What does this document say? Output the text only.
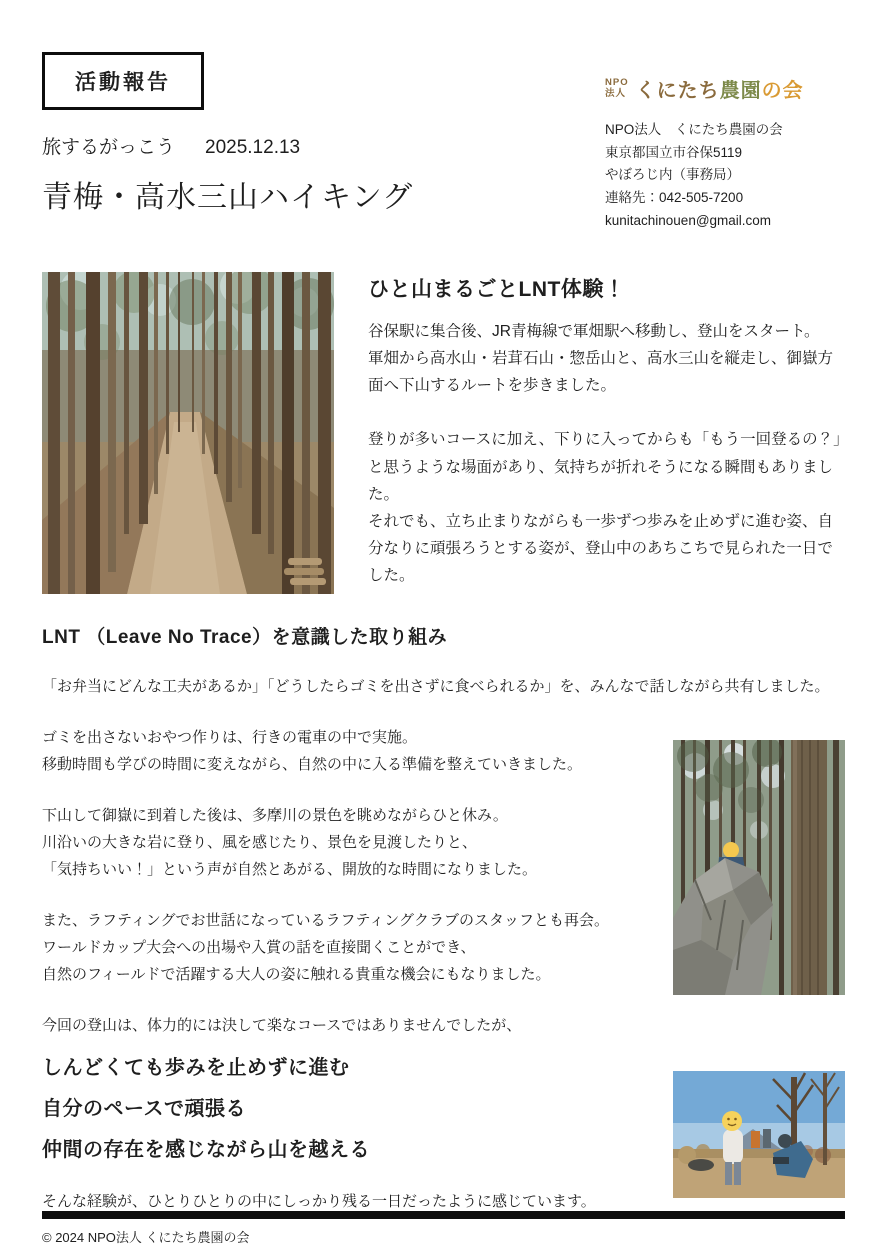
活動報告
旅するがっこう 2025.12.13
青梅・高水三山ハイキング
NPO
法人 くにたち農園の会
NPO法人　くにたち農園の会
東京都国立市谷保5119
やぼろじ内（事務局）
連絡先：042-505-7200
kunitachinouen@gmail.com
ひと山まるごとLNT体験！
谷保駅に集合後、JR青梅線で軍畑駅へ移動し、登山をスタート。
軍畑から高水山・岩茸石山・惣岳山と、高水三山を縦走し、御嶽方面へ下山するルートを歩きました。
登りが多いコースに加え、下りに入ってからも「もう一回登るの？」と思うような場面があり、気持ちが折れそうになる瞬間もありました。
それでも、立ち止まりながらも一歩ずつ歩みを止めずに進む姿、自分なりに頑張ろうとする姿が、登山中のあちこちで見られた一日でした。
LNT （Leave No Trace）を意識した取り組み
「お弁当にどんな工夫があるか」「どうしたらゴミを出さずに食べられるか」を、みんなで話しながら共有しました。
ゴミを出さないおやつ作りは、行きの電車の中で実施。
移動時間も学びの時間に変えながら、自然の中に入る準備を整えていきました。
下山して御嶽に到着した後は、多摩川の景色を眺めながらひと休み。
川沿いの大きな岩に登り、風を感じたり、景色を見渡したりと、
「気持ちいい！」という声が自然とあがる、開放的な時間になりました。
また、ラフティングでお世話になっているラフティングクラブのスタッフとも再会。
ワールドカップ大会への出場や入賞の話を直接聞くことができ、
自然のフィールドで活躍する大人の姿に触れる貴重な機会にもなりました。
今回の登山は、体力的には決して楽なコースではありませんでしたが、
しんどくても歩みを止めずに進む
自分のペースで頑張る
仲間の存在を感じながら山を越える
そんな経験が、ひとりひとりの中にしっかり残る一日だったように感じています。
© 2024 NPO法人 くにたち農園の会
